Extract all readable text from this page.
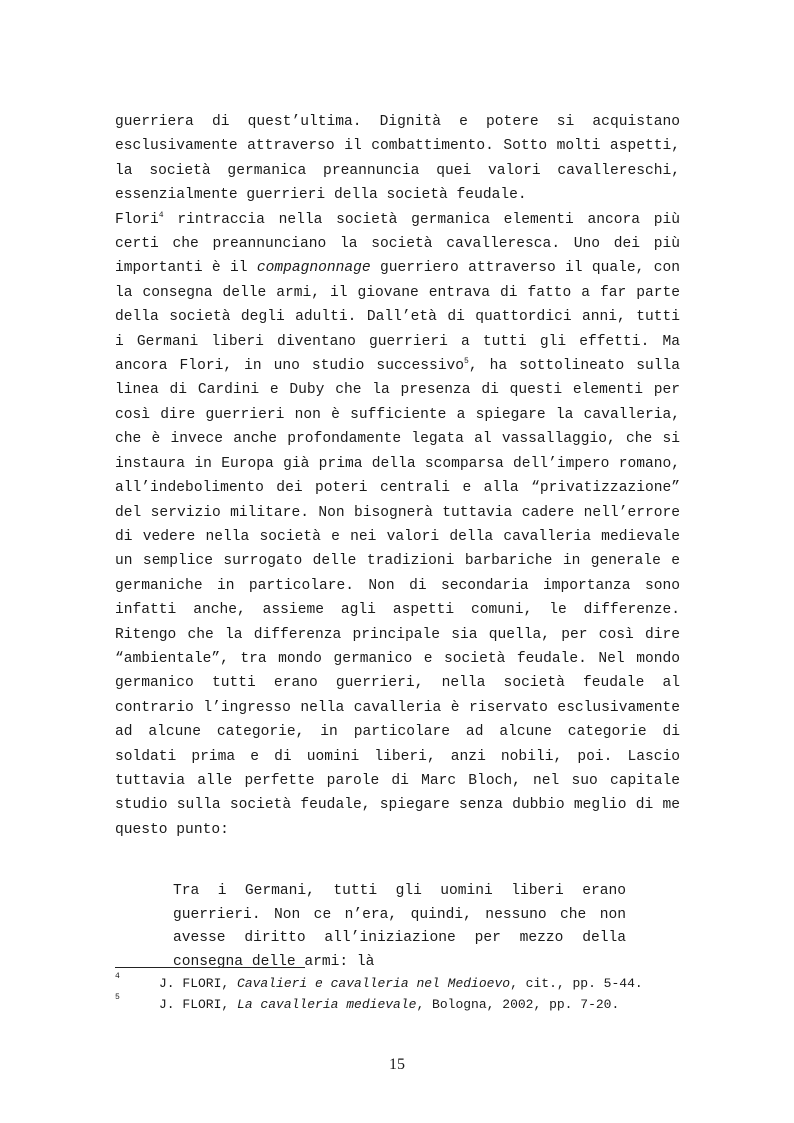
guerriera di quest’ultima. Dignità e potere si acquistano esclusivamente attraverso il combattimento. Sotto molti aspetti, la società germanica preannuncia quei valori cavallereschi, essenzialmente guerrieri della società feudale.

Flori$^4$ rintraccia nella società germanica elementi ancora più certi che preannunciano la società cavalleresca. Uno dei più importanti è il compagnonnage guerriero attraverso il quale, con la consegna delle armi, il giovane entrava di fatto a far parte della società degli adulti. Dall’età di quattordici anni, tutti i Germani liberi diventano guerrieri a tutti gli effetti. Ma ancora Flori, in uno studio successivo$^5$, ha sottolineato sulla linea di Cardini e Duby che la presenza di questi elementi per così dire guerrieri non è sufficiente a spiegare la cavalleria, che è invece anche profondamente legata al vassallaggio, che si instaura in Europa già prima della scomparsa dell’impero romano, all’indebolimento dei poteri centrali e alla “privatizzazione” del servizio militare. Non bisognerà tuttavia cadere nell’errore di vedere nella società e nei valori della cavalleria medievale un semplice surrogato delle tradizioni barbariche in generale e germaniche in particolare. Non di secondaria importanza sono infatti anche, assieme agli aspetti comuni, le differenze. Ritengo che la differenza principale sia quella, per così dire “ambientale”, tra mondo germanico e società feudale. Nel mondo germanico tutti erano guerrieri, nella società feudale al contrario l’ingresso nella cavalleria è riservato esclusivamente ad alcune categorie, in particolare ad alcune categorie di soldati prima e di uomini liberi, anzi nobili, poi. Lascio tuttavia alle perfette parole di Marc Bloch, nel suo capitale studio sulla società feudale, spiegare senza dubbio meglio di me questo punto:

Tra i Germani, tutti gli uomini liberi erano guerrieri. Non ce n’era, quindi, nessuno che non avesse diritto all’iniziazione per mezzo della consegna delle armi: là

4	J. FLORI, Cavalieri e cavalleria nel Medioevo, cit., pp. 5-44.
5	J. FLORI, La cavalleria medievale, Bologna, 2002, pp. 7-20.
15
